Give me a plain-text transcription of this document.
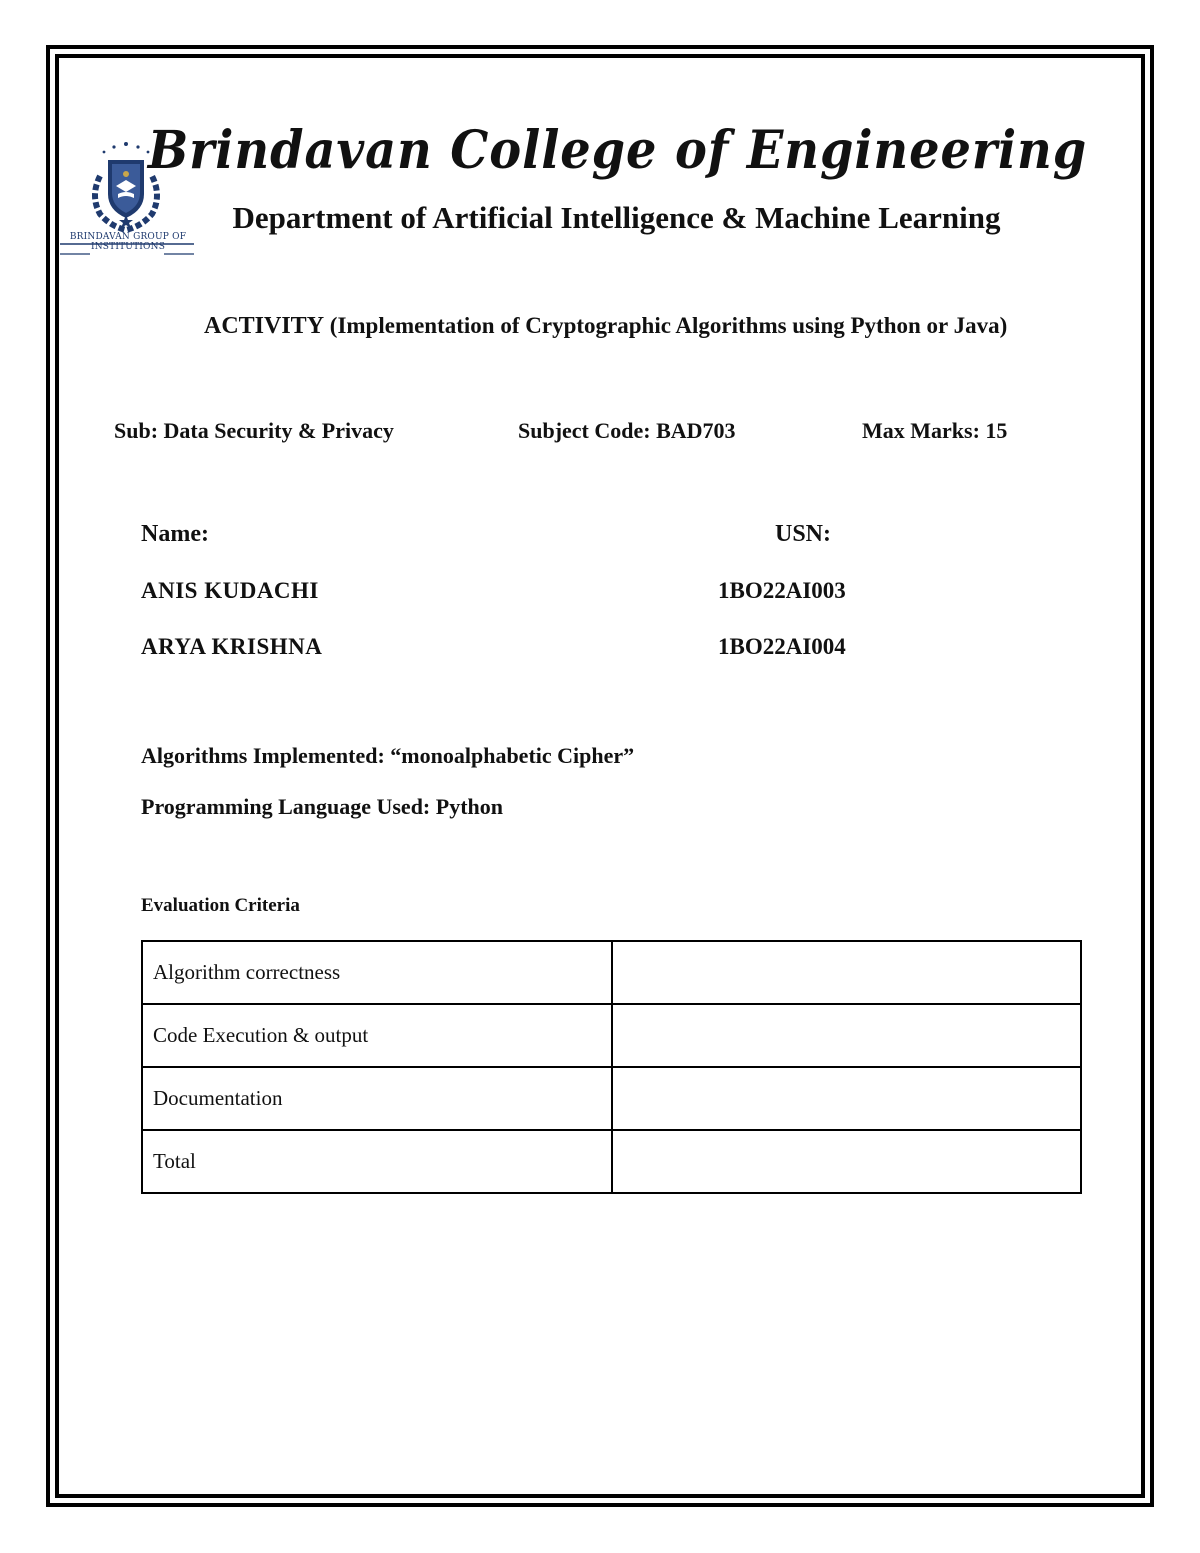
BRINDAVAN GROUP OF INSTITUTIONS
Brindavan College of Engineering
Department of Artificial Intelligence & Machine Learning
ACTIVITY (Implementation of Cryptographic Algorithms using Python or Java)
Sub: Data Security & Privacy	Subject Code: BAD703	Max Marks: 15
Name:	USN:
ANIS KUDACHI	1BO22AI003
ARYA KRISHNA	1BO22AI004
Algorithms Implemented: “monoalphabetic Cipher”
Programming Language Used: Python
Evaluation Criteria
Algorithm correctness	
Code Execution & output	
Documentation	
Total	
